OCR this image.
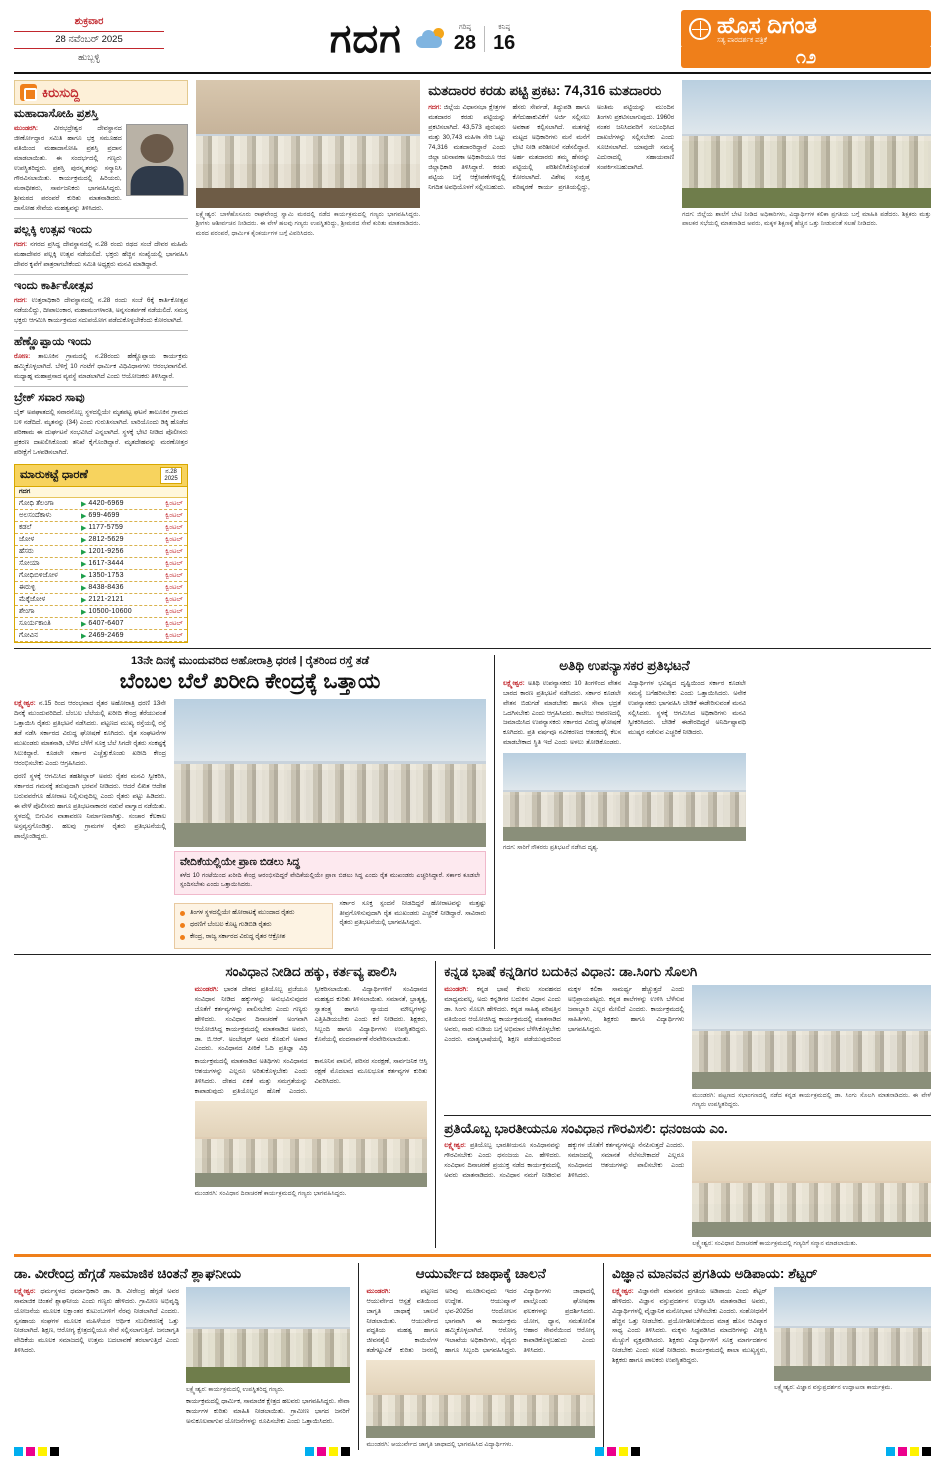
ಶುಕ್ರವಾರ
28 ನವೆಂಬರ್ 2025
ಹುಬ್ಬಳ್ಳಿ	ಗದಗ	ಗರಿಷ್ಠ
28
ಕನಿಷ್ಠ
16
ಹೊಸ ದಿಗಂತ
ಸತ್ಯ ಪಾರದರ್ಶಕ ಪತ್ರಿಕೆ
೧೨
ಕಿರುಸುದ್ದಿ
ಮಹಾದಾಸೋಹಿ ಪ್ರಶಸ್ತಿ
ಮುಂಡರಗಿ: ವೀರಭದ್ರೇಶ್ವರ ದೇವಸ್ಥಾನದ ಜೀರ್ಣೋದ್ಧಾರ ಸಮಿತಿ ಹಾಗೂ ಭಕ್ತ ಸಮೂಹದ ವತಿಯಿಂದ ಮಹಾದಾಸೋಹಿ ಪ್ರಶಸ್ತಿ ಪ್ರದಾನ ಮಾಡಲಾಯಿತು. ಈ ಸಂದರ್ಭದಲ್ಲಿ ಗಣ್ಯರು ಉಪಸ್ಥಿತರಿದ್ದರು. ಪ್ರಶಸ್ತಿ ಪುರಸ್ಕೃತರನ್ನು ಸನ್ಮಾನಿಸಿ ಗೌರವಿಸಲಾಯಿತು. ಕಾರ್ಯಕ್ರಮದಲ್ಲಿ ಹಿರಿಯರು, ಮಠಾಧೀಶರು, ಸಾರ್ವಜನಿಕರು ಭಾಗವಹಿಸಿದ್ದರು. ಶ್ರೀಮಠದ ಪರಂಪರೆ ಕುರಿತು ಮಾತನಾಡಿದರು. ದಾಸೋಹ ಸೇವೆಯ ಮಹತ್ವವನ್ನು ತಿಳಿಸಿದರು.
ಪಲ್ಲಕ್ಕಿ ಉತ್ಸವ ಇಂದು
ಗದಗ: ನಗರದ ಪ್ರಸಿದ್ಧ ದೇವಸ್ಥಾನದಲ್ಲಿ ನ.28 ರಂದು ರಥದ ಸಂಜೆ ದೇವರ ಮಹಿಮೆ ಮಹಾದೇವರ ಪಲ್ಲಕ್ಕಿ ಉತ್ಸವ ನಡೆಯಲಿದೆ. ಭಕ್ತರು ಹೆಚ್ಚಿನ ಸಂಖ್ಯೆಯಲ್ಲಿ ಭಾಗವಹಿಸಿ ದೇವರ ಕೃಪೆಗೆ ಪಾತ್ರರಾಗಬೇಕೆಂದು ಸಮಿತಿ ಅಧ್ಯಕ್ಷರು ಮನವಿ ಮಾಡಿದ್ದಾರೆ.
ಇಂದು ಕಾರ್ತಿಕೋತ್ಸವ
ಗದಗ: ಉತ್ತರಾಧಿಕಾರಿ ದೇವಸ್ಥಾನದಲ್ಲಿ ನ.28 ರಂದು ಸಂಜೆ 6ಕ್ಕೆ ಕಾರ್ತಿಕೋತ್ಸವ ನಡೆಯಲಿದ್ದು, ದೀಪಾಲಂಕಾರ, ಮಹಾಮಂಗಳಾರತಿ, ಅನ್ನಸಂತರ್ಪಣೆ ನಡೆಯಲಿದೆ. ಸಮಸ್ತ ಭಕ್ತರು ಆಗಮಿಸಿ ಕಾರ್ಯಕ್ರಮದ ಸದುಪಯೋಗ ಪಡೆದುಕೊಳ್ಳಬೇಕೆಂದು ಕೋರಲಾಗಿದೆ.
ಹೆಣ್ಣೊಪ್ಪಾಯ ಇಂದು
ರೋಣ: ತಾಲೂಕಿನ ಗ್ರಾಮದಲ್ಲಿ ನ.28ರಂದು ಹೆಣ್ಣೊಪ್ಪಾಯ ಕಾರ್ಯಕ್ರಮ ಹಮ್ಮಿಕೊಳ್ಳಲಾಗಿದೆ. ಬೆಳಿಗ್ಗೆ 10 ಗಂಟೆಗೆ ಧಾರ್ಮಿಕ ವಿಧಿವಿಧಾನಗಳು ಆರಂಭವಾಗಲಿವೆ. ಮಧ್ಯಾಹ್ನ ಮಹಾಪ್ರಸಾದ ವ್ಯವಸ್ಥೆ ಮಾಡಲಾಗಿದೆ ಎಂದು ಆಯೋಜಕರು ತಿಳಿಸಿದ್ದಾರೆ.
ಬ್ರೇಕ್ ಸವಾರ ಸಾವು
ಬೈಕ್ ಅಪಘಾತದಲ್ಲಿ ಸವಾರನೊಬ್ಬ ಸ್ಥಳದಲ್ಲಿಯೇ ಮೃತಪಟ್ಟ ಘಟನೆ ತಾಲೂಕಿನ ಗ್ರಾಮದ ಬಳಿ ನಡೆದಿದೆ. ಮೃತನನ್ನು (34) ಎಂದು ಗುರುತಿಸಲಾಗಿದೆ. ಲಾರಿಯೊಂದು ಡಿಕ್ಕಿ ಹೊಡೆದ ಪರಿಣಾಮ ಈ ದುರ್ಘಟನೆ ಸಂಭವಿಸಿದೆ ಎನ್ನಲಾಗಿದೆ. ಸ್ಥಳಕ್ಕೆ ಭೇಟಿ ನೀಡಿದ ಪೊಲೀಸರು ಪ್ರಕರಣ ದಾಖಲಿಸಿಕೊಂಡು ತನಿಖೆ ಕೈಗೊಂಡಿದ್ದಾರೆ. ಮೃತದೇಹವನ್ನು ಮರಣೋತ್ತರ ಪರೀಕ್ಷೆಗೆ ಒಳಪಡಿಸಲಾಗಿದೆ.
ಮಾರುಕಟ್ಟೆ ಧಾರಣೆ	ನ.28
2025
ಗದಗ
ಗೋಧಿ ತೆಲಂಗಾ	▶ 4420-6969	ಕ್ವಿಂಟಲ್
ಅಲಸಂದೆಕಾಳು	▶ 699-4699	ಕ್ವಿಂಟಲ್
ಕಡಲೆ	▶ 1177-5759	ಕ್ವಿಂಟಲ್
ಜೋಳ	▶ 2812-5629	ಕ್ವಿಂಟಲ್
ಹೆಸರು	▶ 1201-9256	ಕ್ವಿಂಟಲ್
ಸೋಯಾ	▶ 1617-3444	ಕ್ವಿಂಟಲ್
ಗೋಧಿಬಿಳಿಜೋಳ	▶ 1350-1753	ಕ್ವಿಂಟಲ್
ಈರುಳ್ಳಿ	▶ 8438-8436	ಕ್ವಿಂಟಲ್
ಮೆಕ್ಕೆಜೋಳ	▶ 2121-2121	ಕ್ವಿಂಟಲ್
ಶೇಂಗಾ	▶ 10500-10600	ಕ್ವಿಂಟಲ್
ಸೂರ್ಯಕಾಂತಿ	▶ 6407-6407	ಕ್ವಿಂಟಲ್
ಗೋವಿನ	▶ 2469-2469	ಕ್ವಿಂಟಲ್
ಲಕ್ಷ್ಮೇಶ್ವರ: ಬಾಳೆಹೊಸೂರು ರಾಘವೇಂದ್ರ ಸ್ವಾಮಿ ಮಠದಲ್ಲಿ ನಡೆದ ಕಾರ್ಯಕ್ರಮದಲ್ಲಿ ಗಣ್ಯರು ಭಾಗವಹಿಸಿದ್ದರು. ಶ್ರೀಗಳು ಆಶೀರ್ವಚನ ನೀಡಿದರು. ಈ ವೇಳೆ ಹಲವು ಗಣ್ಯರು ಉಪಸ್ಥಿತರಿದ್ದು, ಶ್ರೀಮಠದ ಸೇವೆ ಕುರಿತು ಮಾತನಾಡಿದರು. ಮಠದ ಪರಂಪರೆ, ಧಾರ್ಮಿಕ ಕೈಂಕರ್ಯಗಳ ಬಗ್ಗೆ ವಿವರಿಸಿದರು.
ಮತದಾರರ ಕರಡು ಪಟ್ಟಿ ಪ್ರಕಟ: 74,316 ಮತದಾರರು
ಗದಗ: ಜಿಲ್ಲೆಯ ವಿಧಾನಸಭಾ ಕ್ಷೇತ್ರಗಳ ಮತದಾರರ ಕರಡು ಪಟ್ಟಿಯನ್ನು ಪ್ರಕಟಿಸಲಾಗಿದೆ. 43,573 ಪುರುಷರು ಮತ್ತು 30,743 ಮಹಿಳಾ ಸೇರಿ ಒಟ್ಟು 74,316 ಮತದಾರರಿದ್ದಾರೆ ಎಂದು ಜಿಲ್ಲಾ ಚುನಾವಣಾ ಅಧಿಕಾರಿಯೂ ಆದ ಜಿಲ್ಲಾಧಿಕಾರಿ ತಿಳಿಸಿದ್ದಾರೆ. ಕರಡು ಪಟ್ಟಿಯ ಬಗ್ಗೆ ಆಕ್ಷೇಪಣೆಗಳಿದ್ದಲ್ಲಿ ನಿಗದಿತ ಅವಧಿಯೊಳಗೆ ಸಲ್ಲಿಸಬಹುದು. ಹೆಸರು ಸೇರ್ಪಡೆ, ತಿದ್ದುಪಡಿ ಹಾಗೂ ತೆಗೆದುಹಾಕುವಿಕೆಗೆ ಅರ್ಜಿ ಸಲ್ಲಿಸಲು ಅವಕಾಶ ಕಲ್ಪಿಸಲಾಗಿದೆ. ಮತಗಟ್ಟೆ ಮಟ್ಟದ ಅಧಿಕಾರಿಗಳು ಮನೆ ಮನೆಗೆ ಭೇಟಿ ನೀಡಿ ಪರಿಶೀಲನೆ ನಡೆಸಲಿದ್ದಾರೆ. ಅರ್ಹ ಮತದಾರರು ತಮ್ಮ ಹೆಸರನ್ನು ಪಟ್ಟಿಯಲ್ಲಿ ಪರಿಶೀಲಿಸಿಕೊಳ್ಳುವಂತೆ ಕೋರಲಾಗಿದೆ. ವಿಶೇಷ ಸಂಕ್ಷಿಪ್ತ ಪರಿಷ್ಕರಣೆ ಕಾರ್ಯ ಪ್ರಗತಿಯಲ್ಲಿದ್ದು, ಅಂತಿಮ ಪಟ್ಟಿಯನ್ನು ಮುಂದಿನ ತಿಂಗಳು ಪ್ರಕಟಿಸಲಾಗುವುದು. 1960ರ ನಂತರ ಜನಿಸಿದವರಿಗೆ ಸಂಬಂಧಿಸಿದ ದಾಖಲೆಗಳನ್ನು ಸಲ್ಲಿಸಬೇಕು ಎಂದು ಸೂಚಿಸಲಾಗಿದೆ. ಯಾವುದೇ ಸಮಸ್ಯೆ ಎದುರಾದಲ್ಲಿ ಸಹಾಯವಾಣಿ ಸಂಪರ್ಕಿಸಬಹುದಾಗಿದೆ.
ಗದಗ: ಜಿಲ್ಲೆಯ ಶಾಲೆಗೆ ಬೇಟಿ ನೀಡಿದ ಅಧಿಕಾರಿಗಳು, ವಿದ್ಯಾರ್ಥಿಗಳ ಕಲಿಕಾ ಪ್ರಗತಿಯ ಬಗ್ಗೆ ಮಾಹಿತಿ ಪಡೆದರು. ಶಿಕ್ಷಕರು ಮತ್ತು ಪಾಲಕರ ಸಭೆಯಲ್ಲಿ ಮಾತನಾಡಿದ ಅವರು, ಮಕ್ಕಳ ಶಿಕ್ಷಣಕ್ಕೆ ಹೆಚ್ಚಿನ ಒತ್ತು ನೀಡುವಂತೆ ಸಲಹೆ ನೀಡಿದರು.
13ನೇ ದಿನಕ್ಕೆ ಮುಂದುವರಿದ ಅಹೋರಾತ್ರಿ ಧರಣಿ | ರೈತರಿಂದ ರಸ್ತೆ ತಡೆ
ಬೆಂಬಲ ಬೆಲೆ ಖರೀದಿ ಕೇಂದ್ರಕ್ಕೆ ಒತ್ತಾಯ
ಲಕ್ಷ್ಮೇಶ್ವರ: ನ.15 ರಿಂದ ಆರಂಭವಾದ ರೈತರ ಅಹೋರಾತ್ರಿ ಧರಣಿ 13ನೇ ದಿನಕ್ಕೆ ಮುಂದುವರಿದಿದೆ. ಬೆಂಬಲ ಬೆಲೆಯಲ್ಲಿ ಖರೀದಿ ಕೇಂದ್ರ ತೆರೆಯುವಂತೆ ಒತ್ತಾಯಿಸಿ ರೈತರು ಪ್ರತಿಭಟನೆ ನಡೆಸಿದರು. ಪಟ್ಟಣದ ಮುಖ್ಯ ರಸ್ತೆಯಲ್ಲಿ ರಸ್ತೆ ತಡೆ ನಡೆಸಿ ಸರ್ಕಾರದ ವಿರುದ್ಧ ಘೋಷಣೆ ಕೂಗಿದರು. ರೈತ ಸಂಘಟನೆಗಳ ಮುಖಂಡರು ಮಾತನಾಡಿ, ಬೆಳೆದ ಬೆಳೆಗೆ ಸೂಕ್ತ ಬೆಲೆ ಸಿಗದೇ ರೈತರು ಸಂಕಷ್ಟಕ್ಕೆ ಸಿಲುಕಿದ್ದಾರೆ. ಕೂಡಲೇ ಸರ್ಕಾರ ಎಚ್ಚೆತ್ತುಕೊಂಡು ಖರೀದಿ ಕೇಂದ್ರ ಆರಂಭಿಸಬೇಕು ಎಂದು ಆಗ್ರಹಿಸಿದರು.
ಧರಣಿ ಸ್ಥಳಕ್ಕೆ ಆಗಮಿಸಿದ ತಹಶೀಲ್ದಾರ್ ಅವರು ರೈತರ ಮನವಿ ಸ್ವೀಕರಿಸಿ, ಸರ್ಕಾರದ ಗಮನಕ್ಕೆ ತರುವುದಾಗಿ ಭರವಸೆ ನೀಡಿದರು. ಆದರೆ ಲಿಖಿತ ಆದೇಶ ಬರುವವರೆಗೂ ಹೋರಾಟ ನಿಲ್ಲಿಸುವುದಿಲ್ಲ ಎಂದು ರೈತರು ಪಟ್ಟು ಹಿಡಿದರು. ಈ ವೇಳೆ ಪೊಲೀಸರು ಹಾಗೂ ಪ್ರತಿಭಟನಾಕಾರರ ನಡುವೆ ವಾಗ್ವಾದ ನಡೆಯಿತು. ಸ್ಥಳದಲ್ಲಿ ಬಿಗುವಿನ ವಾತಾವರಣ ನಿರ್ಮಾಣವಾಗಿತ್ತು. ಸಂಚಾರ ಕೆಲಕಾಲ ಅಸ್ತವ್ಯಸ್ತಗೊಂಡಿತ್ತು. ಹಲವು ಗ್ರಾಮಗಳ ರೈತರು ಪ್ರತಿಭಟನೆಯಲ್ಲಿ ಪಾಲ್ಗೊಂಡಿದ್ದರು.
ವೇದಿಕೆಯಲ್ಲಿಯೇ ಪ್ರಾಣ ಬಿಡಲು ಸಿದ್ಧ
ಕಳೆದ 10 ಗಂಟೆಯಿಂದ ಖರೀದಿ ಕೇಂದ್ರ ಆರಂಭಿಸದಿದ್ದರೆ ವೇದಿಕೆಯಲ್ಲಿಯೇ ಪ್ರಾಣ ಬಿಡಲು ಸಿದ್ಧ ಎಂದು ರೈತ ಮುಖಂಡರು ಎಚ್ಚರಿಸಿದ್ದಾರೆ. ಸರ್ಕಾರ ಕೂಡಲೇ ಸ್ಪಂದಿಸಬೇಕು ಎಂದು ಒತ್ತಾಯಿಸಿದರು.
ತಿಂಗಳ ಸ್ಥಳದಲ್ಲಿಯೇ ಹೋರಾಟಕ್ಕೆ ಮುಂದಾದ ರೈತರು
ಧರಣಿಗೆ ಬೆಂಬಲ ಕೊಟ್ಟ ಗುಡಿಬಿಡಿ ರೈತರು
ಕೇಂದ್ರ, ರಾಜ್ಯ ಸರ್ಕಾರದ ವಿರುದ್ಧ ರೈತರ ಆಕ್ರೋಶ
ಸರ್ಕಾರ ಸೂಕ್ತ ಸ್ಪಂದನೆ ನೀಡದಿದ್ದರೆ ಹೋರಾಟವನ್ನು ಮತ್ತಷ್ಟು ತೀವ್ರಗೊಳಿಸುವುದಾಗಿ ರೈತ ಮುಖಂಡರು ಎಚ್ಚರಿಕೆ ನೀಡಿದ್ದಾರೆ. ಸಾವಿರಾರು ರೈತರು ಪ್ರತಿಭಟನೆಯಲ್ಲಿ ಭಾಗವಹಿಸಿದ್ದರು.
ಅತಿಥಿ ಉಪನ್ಯಾಸಕರ ಪ್ರತಿಭಟನೆ
ಲಕ್ಷ್ಮೇಶ್ವರ: ಅತಿಥಿ ಉಪನ್ಯಾಸಕರು 10 ತಿಂಗಳಿಂದ ವೇತನ ಬಾರದ ಕಾರಣ ಪ್ರತಿಭಟನೆ ನಡೆಸಿದರು. ಸರ್ಕಾರ ಕೂಡಲೇ ವೇತನ ಬಿಡುಗಡೆ ಮಾಡಬೇಕು ಹಾಗೂ ಸೇವಾ ಭದ್ರತೆ ಒದಗಿಸಬೇಕು ಎಂದು ಆಗ್ರಹಿಸಿದರು. ಕಾಲೇಜು ಆವರಣದಲ್ಲಿ ಜಮಾಯಿಸಿದ ಉಪನ್ಯಾಸಕರು ಸರ್ಕಾರದ ವಿರುದ್ಧ ಘೋಷಣೆ ಕೂಗಿದರು. ಪ್ರತಿ ವರ್ಷವೂ ನವೀಕರಣದ ಆತಂಕದಲ್ಲಿ ಕೆಲಸ ಮಾಡಬೇಕಾದ ಸ್ಥಿತಿ ಇದೆ ಎಂದು ಅಳಲು ತೋಡಿಕೊಂಡರು. ವಿದ್ಯಾರ್ಥಿಗಳ ಭವಿಷ್ಯದ ದೃಷ್ಟಿಯಿಂದ ಸರ್ಕಾರ ಕೂಡಲೇ ಸಮಸ್ಯೆ ಬಗೆಹರಿಸಬೇಕು ಎಂದು ಒತ್ತಾಯಿಸಿದರು. ಅನೇಕ ಉಪನ್ಯಾಸಕರು ಭಾಗವಹಿಸಿ ಬೇಡಿಕೆ ಈಡೇರಿಸುವಂತೆ ಮನವಿ ಸಲ್ಲಿಸಿದರು. ಸ್ಥಳಕ್ಕೆ ಆಗಮಿಸಿದ ಅಧಿಕಾರಿಗಳು ಮನವಿ ಸ್ವೀಕರಿಸಿದರು. ಬೇಡಿಕೆ ಈಡೇರದಿದ್ದರೆ ಅನಿರ್ದಿಷ್ಟಾವಧಿ ಮುಷ್ಕರ ನಡೆಸುವ ಎಚ್ಚರಿಕೆ ನೀಡಿದರು.
ಗದಗ: ಸಾರಿಗೆ ನೌಕರರು ಪ್ರತಿಭಟನೆ ನಡೆಸಿದ ದೃಶ್ಯ.
ಸಂವಿಧಾನ ನೀಡಿದ ಹಕ್ಕು, ಕರ್ತವ್ಯ ಪಾಲಿಸಿ
ಮುಂಡರಗಿ: ಭಾರತ ದೇಶದ ಪ್ರತಿಯೊಬ್ಬ ಪ್ರಜೆಯೂ ಸಂವಿಧಾನ ನೀಡಿದ ಹಕ್ಕುಗಳನ್ನು ಅನುಭವಿಸುವುದರ ಜೊತೆಗೆ ಕರ್ತವ್ಯಗಳನ್ನು ಪಾಲಿಸಬೇಕು ಎಂದು ಗಣ್ಯರು ಹೇಳಿದರು. ಸಂವಿಧಾನ ದಿನಾಚರಣೆ ಅಂಗವಾಗಿ ಆಯೋಜಿಸಿದ್ದ ಕಾರ್ಯಕ್ರಮದಲ್ಲಿ ಮಾತನಾಡಿದ ಅವರು, ಡಾ. ಬಿ.ಆರ್. ಅಂಬೇಡ್ಕರ್ ಅವರ ಕೊಡುಗೆ ಅಪಾರ ಎಂದರು. ಸಂವಿಧಾನದ ಪೀಠಿಕೆ ಓದಿ ಪ್ರತಿಜ್ಞಾ ವಿಧಿ ಸ್ವೀಕರಿಸಲಾಯಿತು. ವಿದ್ಯಾರ್ಥಿಗಳಿಗೆ ಸಂವಿಧಾನದ ಮಹತ್ವದ ಕುರಿತು ತಿಳಿಸಲಾಯಿತು. ಸಮಾನತೆ, ಭ್ರಾತೃತ್ವ, ಸ್ವಾತಂತ್ರ್ಯ ಹಾಗೂ ನ್ಯಾಯದ ಮೌಲ್ಯಗಳನ್ನು ಎತ್ತಿಹಿಡಿಯಬೇಕು ಎಂದು ಕರೆ ನೀಡಿದರು. ಶಿಕ್ಷಕರು, ಸಿಬ್ಬಂದಿ ಹಾಗೂ ವಿದ್ಯಾರ್ಥಿಗಳು ಉಪಸ್ಥಿತರಿದ್ದರು. ಕೊನೆಯಲ್ಲಿ ವಂದನಾರ್ಪಣೆ ನೆರವೇರಿಸಲಾಯಿತು.
ಕಾರ್ಯಕ್ರಮದಲ್ಲಿ ಮಾತನಾಡಿದ ಅತಿಥಿಗಳು ಸಂವಿಧಾನದ ಆಶಯಗಳನ್ನು ಎಲ್ಲರೂ ಅರಿತುಕೊಳ್ಳಬೇಕು ಎಂದು ತಿಳಿಸಿದರು. ದೇಶದ ಏಕತೆ ಮತ್ತು ಸಮಗ್ರತೆಯನ್ನು ಕಾಪಾಡುವುದು ಪ್ರತಿಯೊಬ್ಬರ ಹೊಣೆ ಎಂದರು. ಕಾನೂನಿನ ಪಾಲನೆ, ಪರಿಸರ ಸಂರಕ್ಷಣೆ, ಸಾರ್ವಜನಿಕ ಆಸ್ತಿ ರಕ್ಷಣೆ ಮೊದಲಾದ ಮೂಲಭೂತ ಕರ್ತವ್ಯಗಳ ಕುರಿತು ವಿವರಿಸಿದರು.
ಮುಂಡರಗಿ: ಸಂವಿಧಾನ ದಿನಾಚರಣೆ ಕಾರ್ಯಕ್ರಮದಲ್ಲಿ ಗಣ್ಯರು ಭಾಗವಹಿಸಿದ್ದರು.
ಕನ್ನಡ ಭಾಷೆ ಕನ್ನಡಿಗರ ಬದುಕಿನ ವಿಧಾನ: ಡಾ.ಸಿಂಗು ಸೊಲಗಿ
ಮುಂಡರಗಿ: ಕನ್ನಡ ಭಾಷೆ ಕೇವಲ ಸಂವಹನದ ಮಾಧ್ಯಮವಲ್ಲ, ಅದು ಕನ್ನಡಿಗರ ಬದುಕಿನ ವಿಧಾನ ಎಂದು ಡಾ. ಸಿಂಗು ಸೊಲಗಿ ಹೇಳಿದರು. ಕನ್ನಡ ಸಾಹಿತ್ಯ ಪರಿಷತ್ತಿನ ವತಿಯಿಂದ ಆಯೋಜಿಸಿದ್ದ ಕಾರ್ಯಕ್ರಮದಲ್ಲಿ ಮಾತನಾಡಿದ ಅವರು, ನಾಡು ನುಡಿಯ ಬಗ್ಗೆ ಅಭಿಮಾನ ಬೆಳೆಸಿಕೊಳ್ಳಬೇಕು ಎಂದರು. ಮಾತೃಭಾಷೆಯಲ್ಲಿ ಶಿಕ್ಷಣ ಪಡೆಯುವುದರಿಂದ ಮಕ್ಕಳ ಕಲಿಕಾ ಸಾಮರ್ಥ್ಯ ಹೆಚ್ಚುತ್ತದೆ ಎಂದು ಅಭಿಪ್ರಾಯಪಟ್ಟರು. ಕನ್ನಡ ಶಾಲೆಗಳನ್ನು ಉಳಿಸಿ ಬೆಳೆಸುವ ಜವಾಬ್ದಾರಿ ಎಲ್ಲರ ಮೇಲಿದೆ ಎಂದರು. ಕಾರ್ಯಕ್ರಮದಲ್ಲಿ ಸಾಹಿತಿಗಳು, ಶಿಕ್ಷಕರು ಹಾಗೂ ವಿದ್ಯಾರ್ಥಿಗಳು ಭಾಗವಹಿಸಿದ್ದರು.
ಮುಂಡರಗಿ: ಪಟ್ಟಣದ ಸಭಾಂಗಣದಲ್ಲಿ ನಡೆದ ಕನ್ನಡ ಕಾರ್ಯಕ್ರಮದಲ್ಲಿ ಡಾ. ಸಿಂಗು ಸೊಲಗಿ ಮಾತನಾಡಿದರು. ಈ ವೇಳೆ ಗಣ್ಯರು ಉಪಸ್ಥಿತರಿದ್ದರು.
ಪ್ರತಿಯೊಬ್ಬ ಭಾರತೀಯನೂ ಸಂವಿಧಾನ ಗೌರವಿಸಲಿ: ಧನಂಜಯ ಎಂ.
ಲಕ್ಷ್ಮೇಶ್ವರ: ಪ್ರತಿಯೊಬ್ಬ ಭಾರತೀಯನೂ ಸಂವಿಧಾನವನ್ನು ಗೌರವಿಸಬೇಕು ಎಂದು ಧನಂಜಯ ಎಂ. ಹೇಳಿದರು. ಸಂವಿಧಾನ ದಿನಾಚರಣೆ ಪ್ರಯುಕ್ತ ನಡೆದ ಕಾರ್ಯಕ್ರಮದಲ್ಲಿ ಅವರು ಮಾತನಾಡಿದರು. ಸಂವಿಧಾನ ನಮಗೆ ನೀಡಿರುವ ಹಕ್ಕುಗಳ ಜೊತೆಗೆ ಕರ್ತವ್ಯಗಳನ್ನೂ ನೆನಪಿಸುತ್ತದೆ ಎಂದರು. ಸಮಾಜದಲ್ಲಿ ಸಮಾನತೆ ನೆಲೆಸಬೇಕಾದರೆ ಎಲ್ಲರೂ ಸಂವಿಧಾನದ ಆಶಯಗಳನ್ನು ಪಾಲಿಸಬೇಕು ಎಂದು ತಿಳಿಸಿದರು.
ಲಕ್ಷ್ಮೇಶ್ವರ: ಸಂವಿಧಾನ ದಿನಾಚರಣೆ ಕಾರ್ಯಕ್ರಮದಲ್ಲಿ ಗಣ್ಯರಿಗೆ ಸನ್ಮಾನ ಮಾಡಲಾಯಿತು.
ಡಾ. ವೀರೇಂದ್ರ ಹೆಗ್ಗಡೆ ಸಾಮಾಜಿಕ ಚಿಂತನೆ ಶ್ಲಾಘನೀಯ
ಲಕ್ಷ್ಮೇಶ್ವರ: ಧರ್ಮಸ್ಥಳದ ಧರ್ಮಾಧಿಕಾರಿ ಡಾ. ಡಿ. ವೀರೇಂದ್ರ ಹೆಗ್ಗಡೆ ಅವರ ಸಾಮಾಜಿಕ ಚಿಂತನೆ ಶ್ಲಾಘನೀಯ ಎಂದು ಗಣ್ಯರು ಹೇಳಿದರು. ಗ್ರಾಮೀಣ ಅಭಿವೃದ್ಧಿ ಯೋಜನೆಯ ಮೂಲಕ ಲಕ್ಷಾಂತರ ಕುಟುಂಬಗಳಿಗೆ ನೆರವು ನೀಡಲಾಗಿದೆ ಎಂದರು. ಸ್ವಸಹಾಯ ಸಂಘಗಳ ಮೂಲಕ ಮಹಿಳೆಯರ ಆರ್ಥಿಕ ಸಬಲೀಕರಣಕ್ಕೆ ಒತ್ತು ನೀಡಲಾಗಿದೆ. ಶಿಕ್ಷಣ, ಆರೋಗ್ಯ ಕ್ಷೇತ್ರದಲ್ಲಿಯೂ ಸೇವೆ ಸಲ್ಲಿಸಲಾಗುತ್ತಿದೆ. ಜನಜಾಗೃತಿ ವೇದಿಕೆಯ ಮೂಲಕ ಸಮಾಜದಲ್ಲಿ ಉತ್ತಮ ಬದಲಾವಣೆ ತರಲಾಗುತ್ತಿದೆ ಎಂದು ತಿಳಿಸಿದರು.
ಲಕ್ಷ್ಮೇಶ್ವರ: ಕಾರ್ಯಕ್ರಮದಲ್ಲಿ ಉಪಸ್ಥಿತರಿದ್ದ ಗಣ್ಯರು.
ಕಾರ್ಯಕ್ರಮದಲ್ಲಿ ಧಾರ್ಮಿಕ, ಸಾಮಾಜಿಕ ಕ್ಷೇತ್ರದ ಹಲವರು ಭಾಗವಹಿಸಿದ್ದರು. ಸೇವಾ ಕಾರ್ಯಗಳ ಕುರಿತು ಮಾಹಿತಿ ನೀಡಲಾಯಿತು. ಗ್ರಾಮೀಣ ಭಾಗದ ಜನರಿಗೆ ಅನುಕೂಲವಾಗುವ ಯೋಜನೆಗಳನ್ನು ರೂಪಿಸಬೇಕು ಎಂದು ಒತ್ತಾಯಿಸಿದರು.
ಆಯುರ್ವೇದ ಜಾಥಾಕ್ಕೆ ಚಾಲನೆ
ಮುಂಡರಗಿ:	ಪಟ್ಟಣದ ಆಯುರ್ವೇದ ಆಸ್ಪತ್ರೆ ವತಿಯಿಂದ ಜಾಗೃತಿ ಜಾಥಾಕ್ಕೆ ಚಾಲನೆ ನೀಡಲಾಯಿತು. ಆಯುರ್ವೇದ ಪದ್ಧತಿಯ ಮಹತ್ವ ಹಾಗೂ ಜೀವನಶೈಲಿ ಕಾಯಿಲೆಗಳ ತಡೆಗಟ್ಟುವಿಕೆ ಕುರಿತು ಜನರಲ್ಲಿ ಅರಿವು ಮೂಡಿಸುವುದು ಇದರ ಉದ್ದೇಶ. ಆಯುಷ್ಮಾನ್ ಭವ-2025ರ ಆಂದೋಲನ ಭಾಗವಾಗಿ ಈ ಕಾರ್ಯಕ್ರಮ ಹಮ್ಮಿಕೊಳ್ಳಲಾಗಿದೆ. ಆರೋಗ್ಯ ಇಲಾಖೆಯ ಅಧಿಕಾರಿಗಳು, ವೈದ್ಯರು ಹಾಗೂ ಸಿಬ್ಬಂದಿ ಭಾಗವಹಿಸಿದ್ದರು. ವಿದ್ಯಾರ್ಥಿಗಳು ಜಾಥಾದಲ್ಲಿ ಪಾಲ್ಗೊಂಡು ಘೋಷಣಾ ಫಲಕಗಳನ್ನು ಪ್ರದರ್ಶಿಸಿದರು. ಯೋಗ, ಧ್ಯಾನ, ಸಮತೋಲಿತ ಆಹಾರ ಸೇವನೆಯಿಂದ ಆರೋಗ್ಯ ಕಾಪಾಡಿಕೊಳ್ಳಬಹುದು ಎಂದು ತಿಳಿಸಿದರು.
ಮುಂಡರಗಿ: ಆಯುರ್ವೇದ ಜಾಗೃತಿ ಜಾಥಾದಲ್ಲಿ ಭಾಗವಹಿಸಿದ ವಿದ್ಯಾರ್ಥಿಗಳು.
ವಿಜ್ಞಾನ ಮಾನವನ ಪ್ರಗತಿಯ ಅಡಿಪಾಯ: ಶೆಟ್ಟರ್
ಲಕ್ಷ್ಮೇಶ್ವರ: ವಿಜ್ಞಾನವೇ ಮಾನವನ ಪ್ರಗತಿಯ ಅಡಿಪಾಯ ಎಂದು ಶೆಟ್ಟರ್ ಹೇಳಿದರು. ವಿಜ್ಞಾನ ವಸ್ತುಪ್ರದರ್ಶನ ಉದ್ಘಾಟಿಸಿ ಮಾತನಾಡಿದ ಅವರು, ವಿದ್ಯಾರ್ಥಿಗಳಲ್ಲಿ ವೈಜ್ಞಾನಿಕ ಮನೋಭಾವ ಬೆಳೆಸಬೇಕು ಎಂದರು. ಸಂಶೋಧನೆಗೆ ಹೆಚ್ಚಿನ ಒತ್ತು ನೀಡಬೇಕು. ಪ್ರಯೋಗಶೀಲತೆಯಿಂದ ಮಾತ್ರ ಹೊಸ ಆವಿಷ್ಕಾರ ಸಾಧ್ಯ ಎಂದು ತಿಳಿಸಿದರು. ಮಕ್ಕಳು ಸಿದ್ಧಪಡಿಸಿದ ಮಾದರಿಗಳನ್ನು ವೀಕ್ಷಿಸಿ ಮೆಚ್ಚುಗೆ ವ್ಯಕ್ತಪಡಿಸಿದರು. ಶಿಕ್ಷಕರು ವಿದ್ಯಾರ್ಥಿಗಳಿಗೆ ಸೂಕ್ತ ಮಾರ್ಗದರ್ಶನ ನೀಡಬೇಕು ಎಂದು ಸಲಹೆ ನೀಡಿದರು. ಕಾರ್ಯಕ್ರಮದಲ್ಲಿ ಶಾಲಾ ಮುಖ್ಯಸ್ಥರು, ಶಿಕ್ಷಕರು ಹಾಗೂ ಪಾಲಕರು ಉಪಸ್ಥಿತರಿದ್ದರು.
ಲಕ್ಷ್ಮೇಶ್ವರ: ವಿಜ್ಞಾನ ವಸ್ತುಪ್ರದರ್ಶನ ಉದ್ಘಾಟನಾ ಕಾರ್ಯಕ್ರಮ.
